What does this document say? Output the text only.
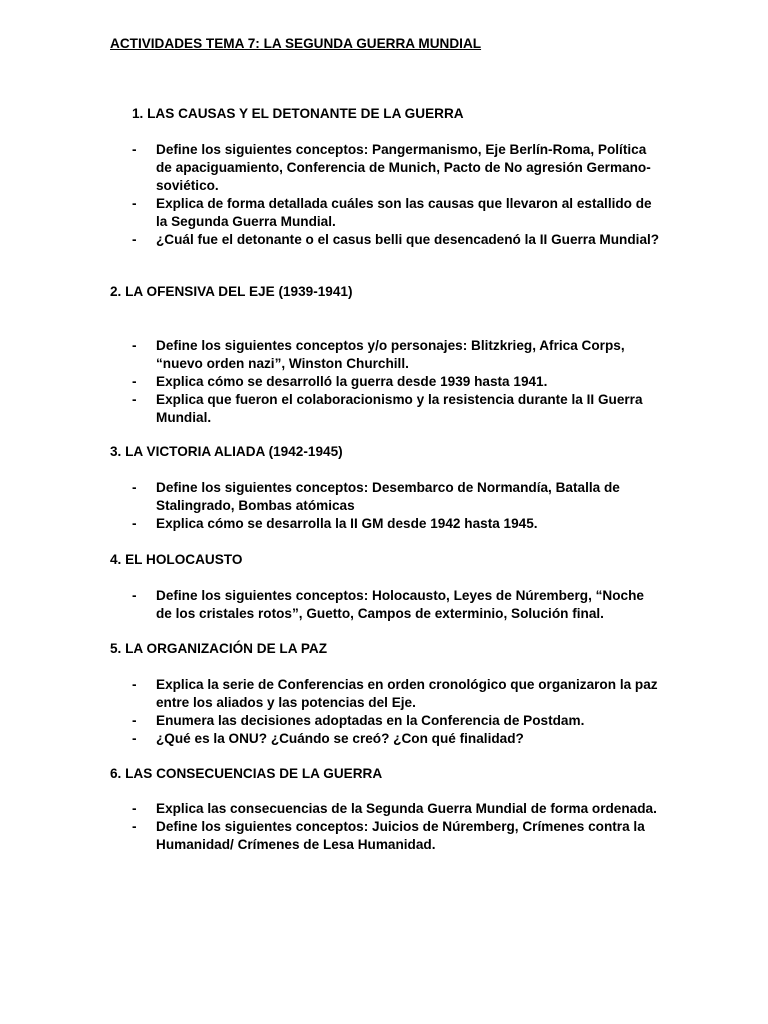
ACTIVIDADES TEMA 7: LA SEGUNDA GUERRA MUNDIAL
1. LAS CAUSAS Y EL DETONANTE DE LA GUERRA
- Define los siguientes conceptos: Pangermanismo, Eje Berlín-Roma, Política de apaciguamiento, Conferencia de Munich, Pacto de No agresión Germano-soviético.
- Explica de forma detallada cuáles son las causas que llevaron al estallido de la Segunda Guerra Mundial.
- ¿Cuál fue el detonante o el casus belli que desencadenó la II Guerra Mundial?
2. LA OFENSIVA DEL EJE (1939-1941)
- Define los siguientes conceptos y/o personajes: Blitzkrieg, Africa Corps, “nuevo orden nazi”, Winston Churchill.
- Explica cómo se desarrolló la guerra desde 1939 hasta 1941.
- Explica que fueron el colaboracionismo y la resistencia durante la II Guerra Mundial.
3. LA VICTORIA ALIADA (1942-1945)
- Define los siguientes conceptos: Desembarco de Normandía, Batalla de Stalingrado, Bombas atómicas
- Explica cómo se desarrolla la II GM desde 1942 hasta 1945.
4. EL HOLOCAUSTO
- Define los siguientes conceptos: Holocausto, Leyes de Núremberg, “Noche de los cristales rotos”, Guetto, Campos de exterminio, Solución final.
5. LA ORGANIZACIÓN DE LA PAZ
- Explica la serie de Conferencias en orden cronológico que organizaron la paz entre los aliados y las potencias del Eje.
- Enumera las decisiones adoptadas en la Conferencia de Postdam.
- ¿Qué es la ONU? ¿Cuándo se creó? ¿Con qué finalidad?
6. LAS CONSECUENCIAS DE LA GUERRA
- Explica las consecuencias de la Segunda Guerra Mundial de forma ordenada.
- Define los siguientes conceptos: Juicios de Núremberg, Crímenes contra la Humanidad/ Crímenes de Lesa Humanidad.
